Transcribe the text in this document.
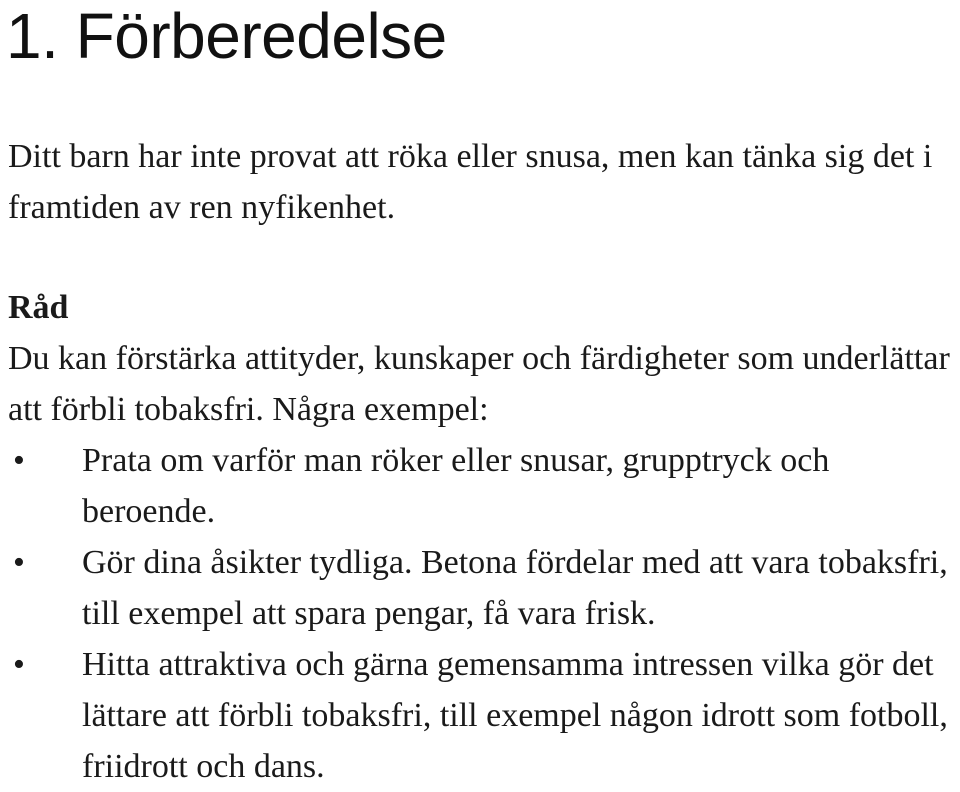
1. Förberedelse

Ditt barn har inte provat att röka eller snusa, men kan tänka sig det i framtiden av ren nyfikenhet.

Råd

Du kan förstärka attityder, kunskaper och färdigheter som underlättar att förbli tobaksfri. Några exempel:

• Prata om varför man röker eller snusar, grupptryck och beroende.
• Gör dina åsikter tydliga. Betona fördelar med att vara tobaksfri, till exempel att spara pengar, få vara frisk.
• Hitta attraktiva och gärna gemensamma intressen vilka gör det lättare att förbli tobaksfri, till exempel någon idrott som fotboll, friidrott och dans.
